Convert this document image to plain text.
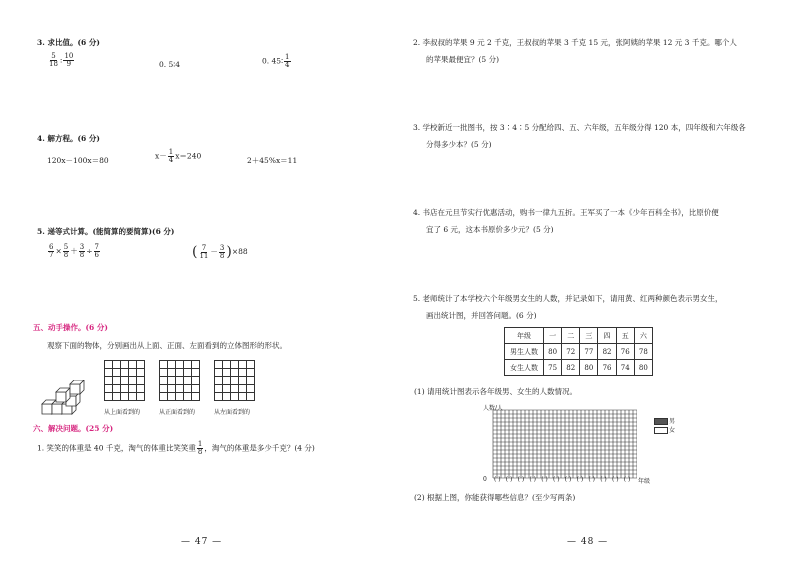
3. 求比值。(6 分)
$\frac{5}{18}$ : $\frac{10}{9}$	0. 5∶4	0. 45∶ $\frac{1}{4}$
4. 解方程。(6 分)
120x－100x＝80	$x- \frac{1}{4} x=240$	2＋45%x＝11
5. 递等式计算。(能简算的要简算)(6 分)
$\frac{6}{7} \times \frac{5}{8} + \frac{3}{8} \div \frac{7}{6}$	( $\frac{7}{11} - \frac{3}{8} )\times 88$
五、动手操作。(6 分)
观察下面的物体，分别画出从上面、正面、左面看到的立体图形的形状。
从上面看到的	从正面看到的	从左面看到的
六、解决问题。(25 分)
1. 笑笑的体重是 40 千克，淘气的体重比笑笑重 $\frac{1}{8}$ ，淘气的体重是多少千克？(4 分)
— 47 —
2. 李叔叔的苹果 9 元 2 千克，王叔叔的苹果 3 千克 15 元，张阿姨的苹果 12 元 3 千克。哪个人
的苹果最便宜？(5 分)
3. 学校新近一批图书，按 3∶4∶5 分配给四、五、六年级，五年级分得 120 本，四年级和六年级各
分得多少本？(5 分)
4. 书店在元旦节实行优惠活动，购书一律九五折。王军买了一本《少年百科全书》，比原价便
宜了 6 元，这本书原价多少元？(5 分)
5. 老师统计了本学校六个年级男女生的人数，并记录如下，请用黄、红两种颜色表示男女生，
画出统计图，并回答问题。(6 分)
年级	一	二	三	四	五	六
男生人数	80	72	77	82	76	78
女生人数	75	82	80	76	74	80
(1) 请用统计图表示各年级男、女生的人数情况。
人数/人
0 ( ) ( ) ( ) ( ) ( ) ( ) ( ) ( ) ( ) ( ) ( ) ( ) 年级
男
女
(2) 根据上图，你能获得哪些信息？(至少写两条)
— 48 —
